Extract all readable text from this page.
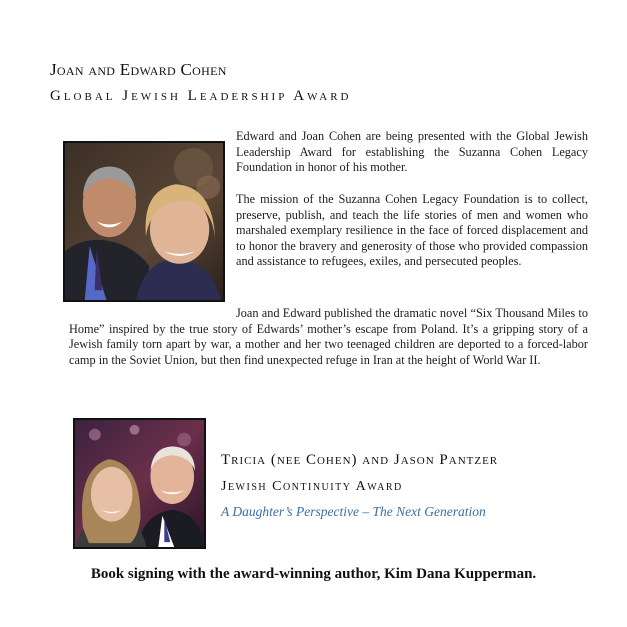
Joan and Edward Cohen
Global Jewish Leadership Award

Edward and Joan Cohen are being presented with the Global Jewish Leadership Award for establishing the Suzanna Cohen Legacy Foundation in honor of his mother.

The mission of the Suzanna Cohen Legacy Foundation is to collect, preserve, publish, and teach the life stories of men and women who marshaled exemplary resilience in the face of forced displacement and to honor the bravery and generosity of those who provided compassion and assistance to refugees, exiles, and persecuted peoples.

Joan and Edward published the dramatic novel “Six Thousand Miles to Home” inspired by the true story of Edwards’ mother’s escape from Poland. It’s a gripping story of a Jewish family torn apart by war, a mother and her two teenaged children are deported to a forced-labor camp in the Soviet Union, but then find unexpected refuge in Iran at the height of World War II.

Tricia (nee Cohen) and Jason Pantzer
Jewish Continuity Award
A Daughter’s Perspective – The Next Generation
Book signing with the award-winning author, Kim Dana Kupperman.
